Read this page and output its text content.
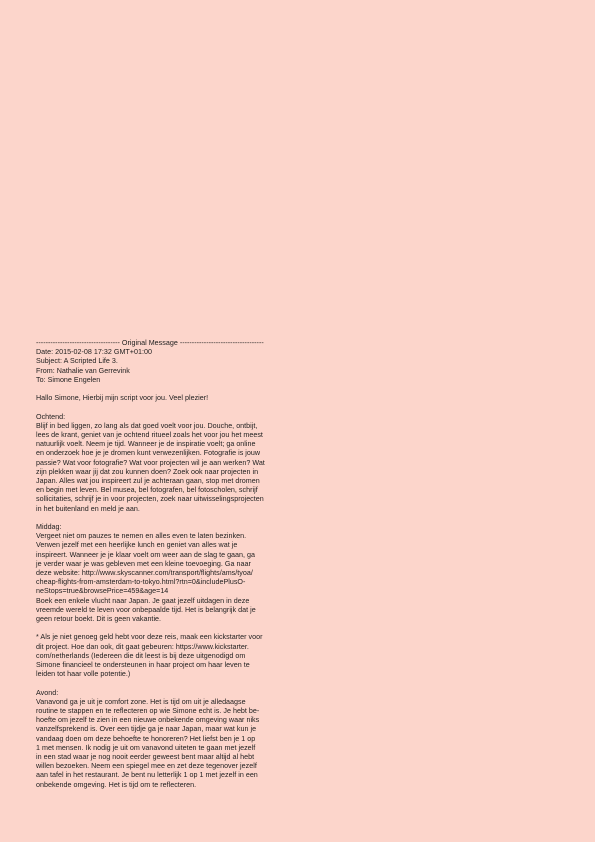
----------------------------------- Original Message -----------------------------------
Date: 2015-02-08 17:32 GMT+01:00
Subject: A Scripted Life 3.
From: Nathalie van Gerrevink
To: Simone Engelen
Hallo Simone, Hierbij mijn script voor jou. Veel plezier!
Ochtend:
Blijf in bed liggen, zo lang als dat goed voelt voor jou. Douche, ontbijt,
lees de krant, geniet van je ochtend ritueel zoals het voor jou het meest
natuurlijk voelt. Neem je tijd. Wanneer je de inspiratie voelt; ga online
en onderzoek hoe je je dromen kunt verwezenlijken. Fotografie is jouw
passie? Wat voor fotografie? Wat voor projecten wil je aan werken? Wat
zijn plekken waar jij dat zou kunnen doen? Zoek ook naar projecten in
Japan. Alles wat jou inspireert zul je achteraan gaan, stop met dromen
en begin met leven. Bel musea, bel fotografen, bel fotoscholen, schrijf
sollicitaties, schrijf je in voor projecten, zoek naar uitwisselingsprojecten
in het buitenland en meld je aan.
Middag:
Vergeet niet om pauzes te nemen en alles even te laten bezinken.
Verwen jezelf met een heerlijke lunch en geniet van alles wat je
inspireert. Wanneer je je klaar voelt om weer aan de slag te gaan, ga
je verder waar je was gebleven met een kleine toevoeging. Ga naar
deze website: http://www.skyscanner.com/transport/flights/ams/tyoa/
cheap-flights-from-amsterdam-to-tokyo.html?rtn=0&includePlusO-
neStops=true&browsePrice=459&age=14
Boek een enkele vlucht naar Japan. Je gaat jezelf uitdagen in deze
vreemde wereld te leven voor onbepaalde tijd. Het is belangrijk dat je
geen retour boekt. Dit is geen vakantie.
* Als je niet genoeg geld hebt voor deze reis, maak een kickstarter voor
dit project. Hoe dan ook, dit gaat gebeuren: https://www.kickstarter.
com/netherlands (Iedereen die dit leest is bij deze uitgenodigd om
Simone financieel te ondersteunen in haar project om haar leven te
leiden tot haar volle potentie.)
Avond:
Vanavond ga je uit je comfort zone. Het is tijd om uit je alledaagse
routine te stappen en te reflecteren op wie Simone echt is. Je hebt be-
hoefte om jezelf te zien in een nieuwe onbekende omgeving waar niks
vanzelfsprekend is. Over een tijdje ga je naar Japan, maar wat kun je
vandaag doen om deze behoefte te honoreren? Het liefst ben je 1 op
1 met mensen. Ik nodig je uit om vanavond uiteten te gaan met jezelf
in een stad waar je nog nooit eerder geweest bent maar altijd al hebt
willen bezoeken. Neem een spiegel mee en zet deze tegenover jezelf
aan tafel in het restaurant. Je bent nu letterlijk 1 op 1 met jezelf in een
onbekende omgeving. Het is tijd om te reflecteren.
